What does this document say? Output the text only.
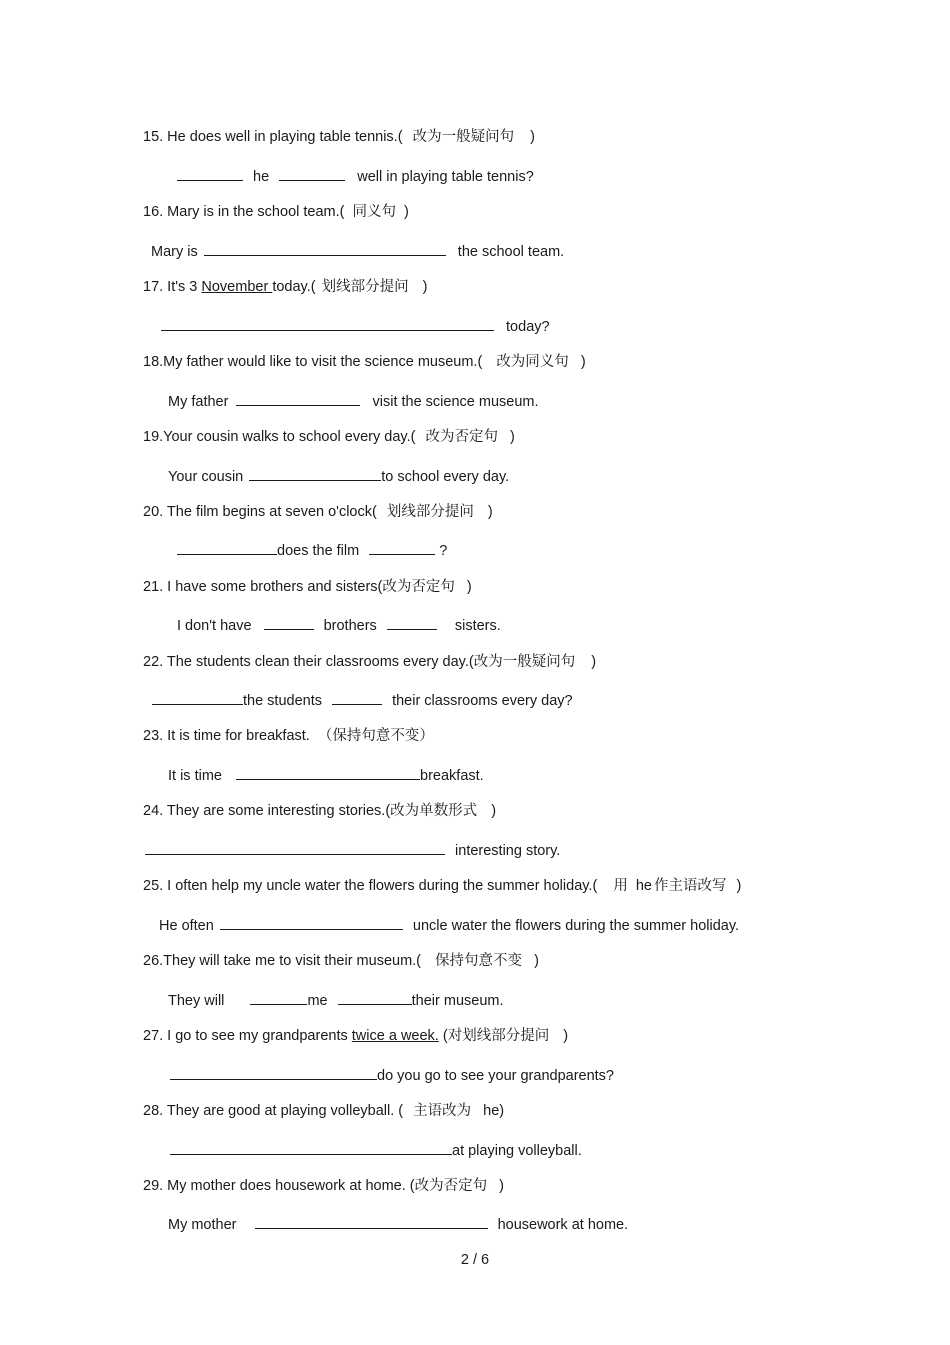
15. He does well in playing table tennis.( 改为一般疑问句 )
he	well in playing table tennis?
16. Mary is in the school team.( 同义句 )
Mary is	the school team.
17. It's 3 November today.( 划线部分提问 )
today?
18.My father would like to visit the science museum.( 改为同义句 )
My father	visit the science museum.
19.Your cousin walks to school every day.( 改为否定句 )
Your cousin	to school every day.
20. The film begins at seven o'clock( 划线部分提问 )
does the film	?
21. I have some brothers and sisters(改为否定句 )
I don't have	brothers	sisters.
22. The students clean their classrooms every day.(改为一般疑问句 )
the students	their classrooms every day?
23. It is time for breakfast. （保持句意不变）
It is time	breakfast.
24. They are some interesting stories.(改为单数形式 )
interesting story.
25. I often help my uncle water the flowers during the summer holiday.( 用 he 作主语改写 )
He often	uncle water the flowers during the summer holiday.
26.They will take me to visit their museum.( 保持句意不变 )
They will	me	their museum.
27. I go to see my grandparents twice a week. (对划线部分提问 )
do you go to see your grandparents?
28. They are good at playing volleyball. ( 主语改为 he)
at playing volleyball.
29. My mother does housework at home. (改为否定句 )
My mother	housework at home.
2 / 6
